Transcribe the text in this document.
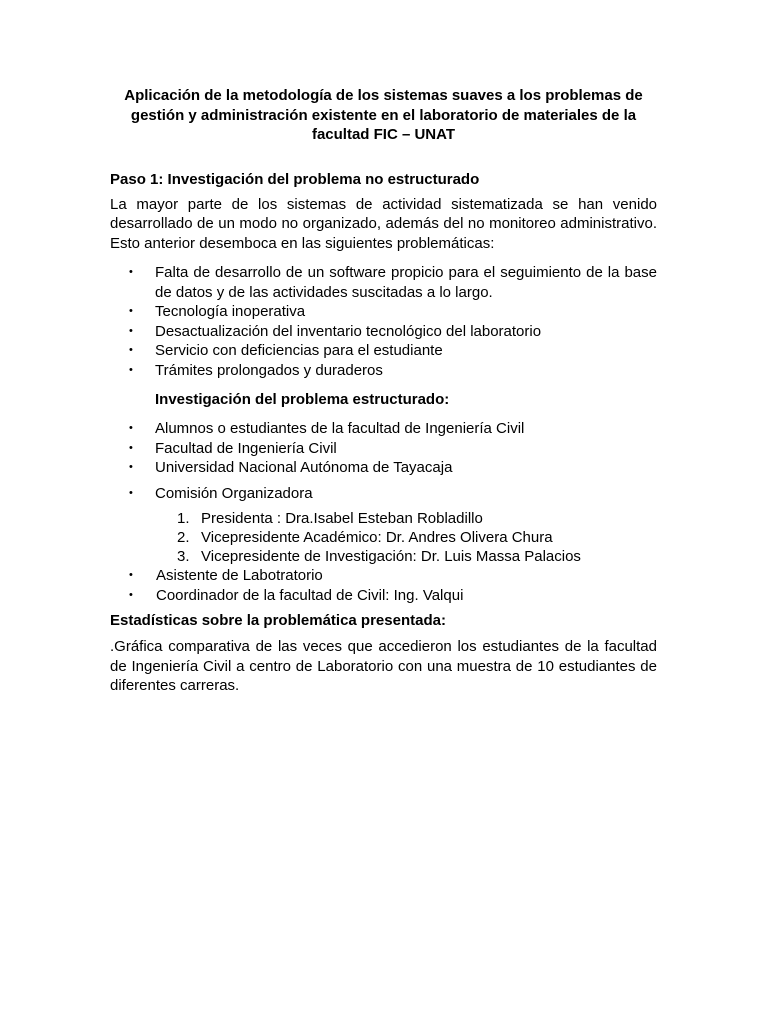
Aplicación de la metodología de los sistemas suaves a los problemas de
gestión y administración existente en el laboratorio de materiales de la
facultad FIC – UNAT

Paso 1: Investigación del problema no estructurado

La mayor parte de los sistemas de actividad sistematizada se han venido desarrollado de un modo no organizado, además del no monitoreo administrativo. Esto anterior desemboca en las siguientes problemáticas:

• Falta de desarrollo de un software propicio para el seguimiento de la base de datos y de las actividades suscitadas a lo largo.
• Tecnología inoperativa
• Desactualización del inventario tecnológico del laboratorio
• Servicio con deficiencias para el estudiante
• Trámites prolongados y duraderos

Investigación del problema estructurado:

• Alumnos o estudiantes de la facultad de Ingeniería Civil
• Facultad de Ingeniería Civil
• Universidad Nacional Autónoma de Tayacaja
• Comisión Organizadora
1. Presidenta : Dra.Isabel Esteban Robladillo
2. Vicepresidente Académico: Dr. Andres Olivera Chura
3. Vicepresidente de Investigación: Dr. Luis Massa Palacios
• Asistente de Labotratorio
• Coordinador de la facultad de Civil: Ing. Valqui

Estadísticas sobre la problemática presentada:

.Gráfica comparativa de las veces que accedieron los estudiantes de la facultad de Ingeniería Civil a centro de Laboratorio con una muestra de 10 estudiantes de diferentes carreras.
